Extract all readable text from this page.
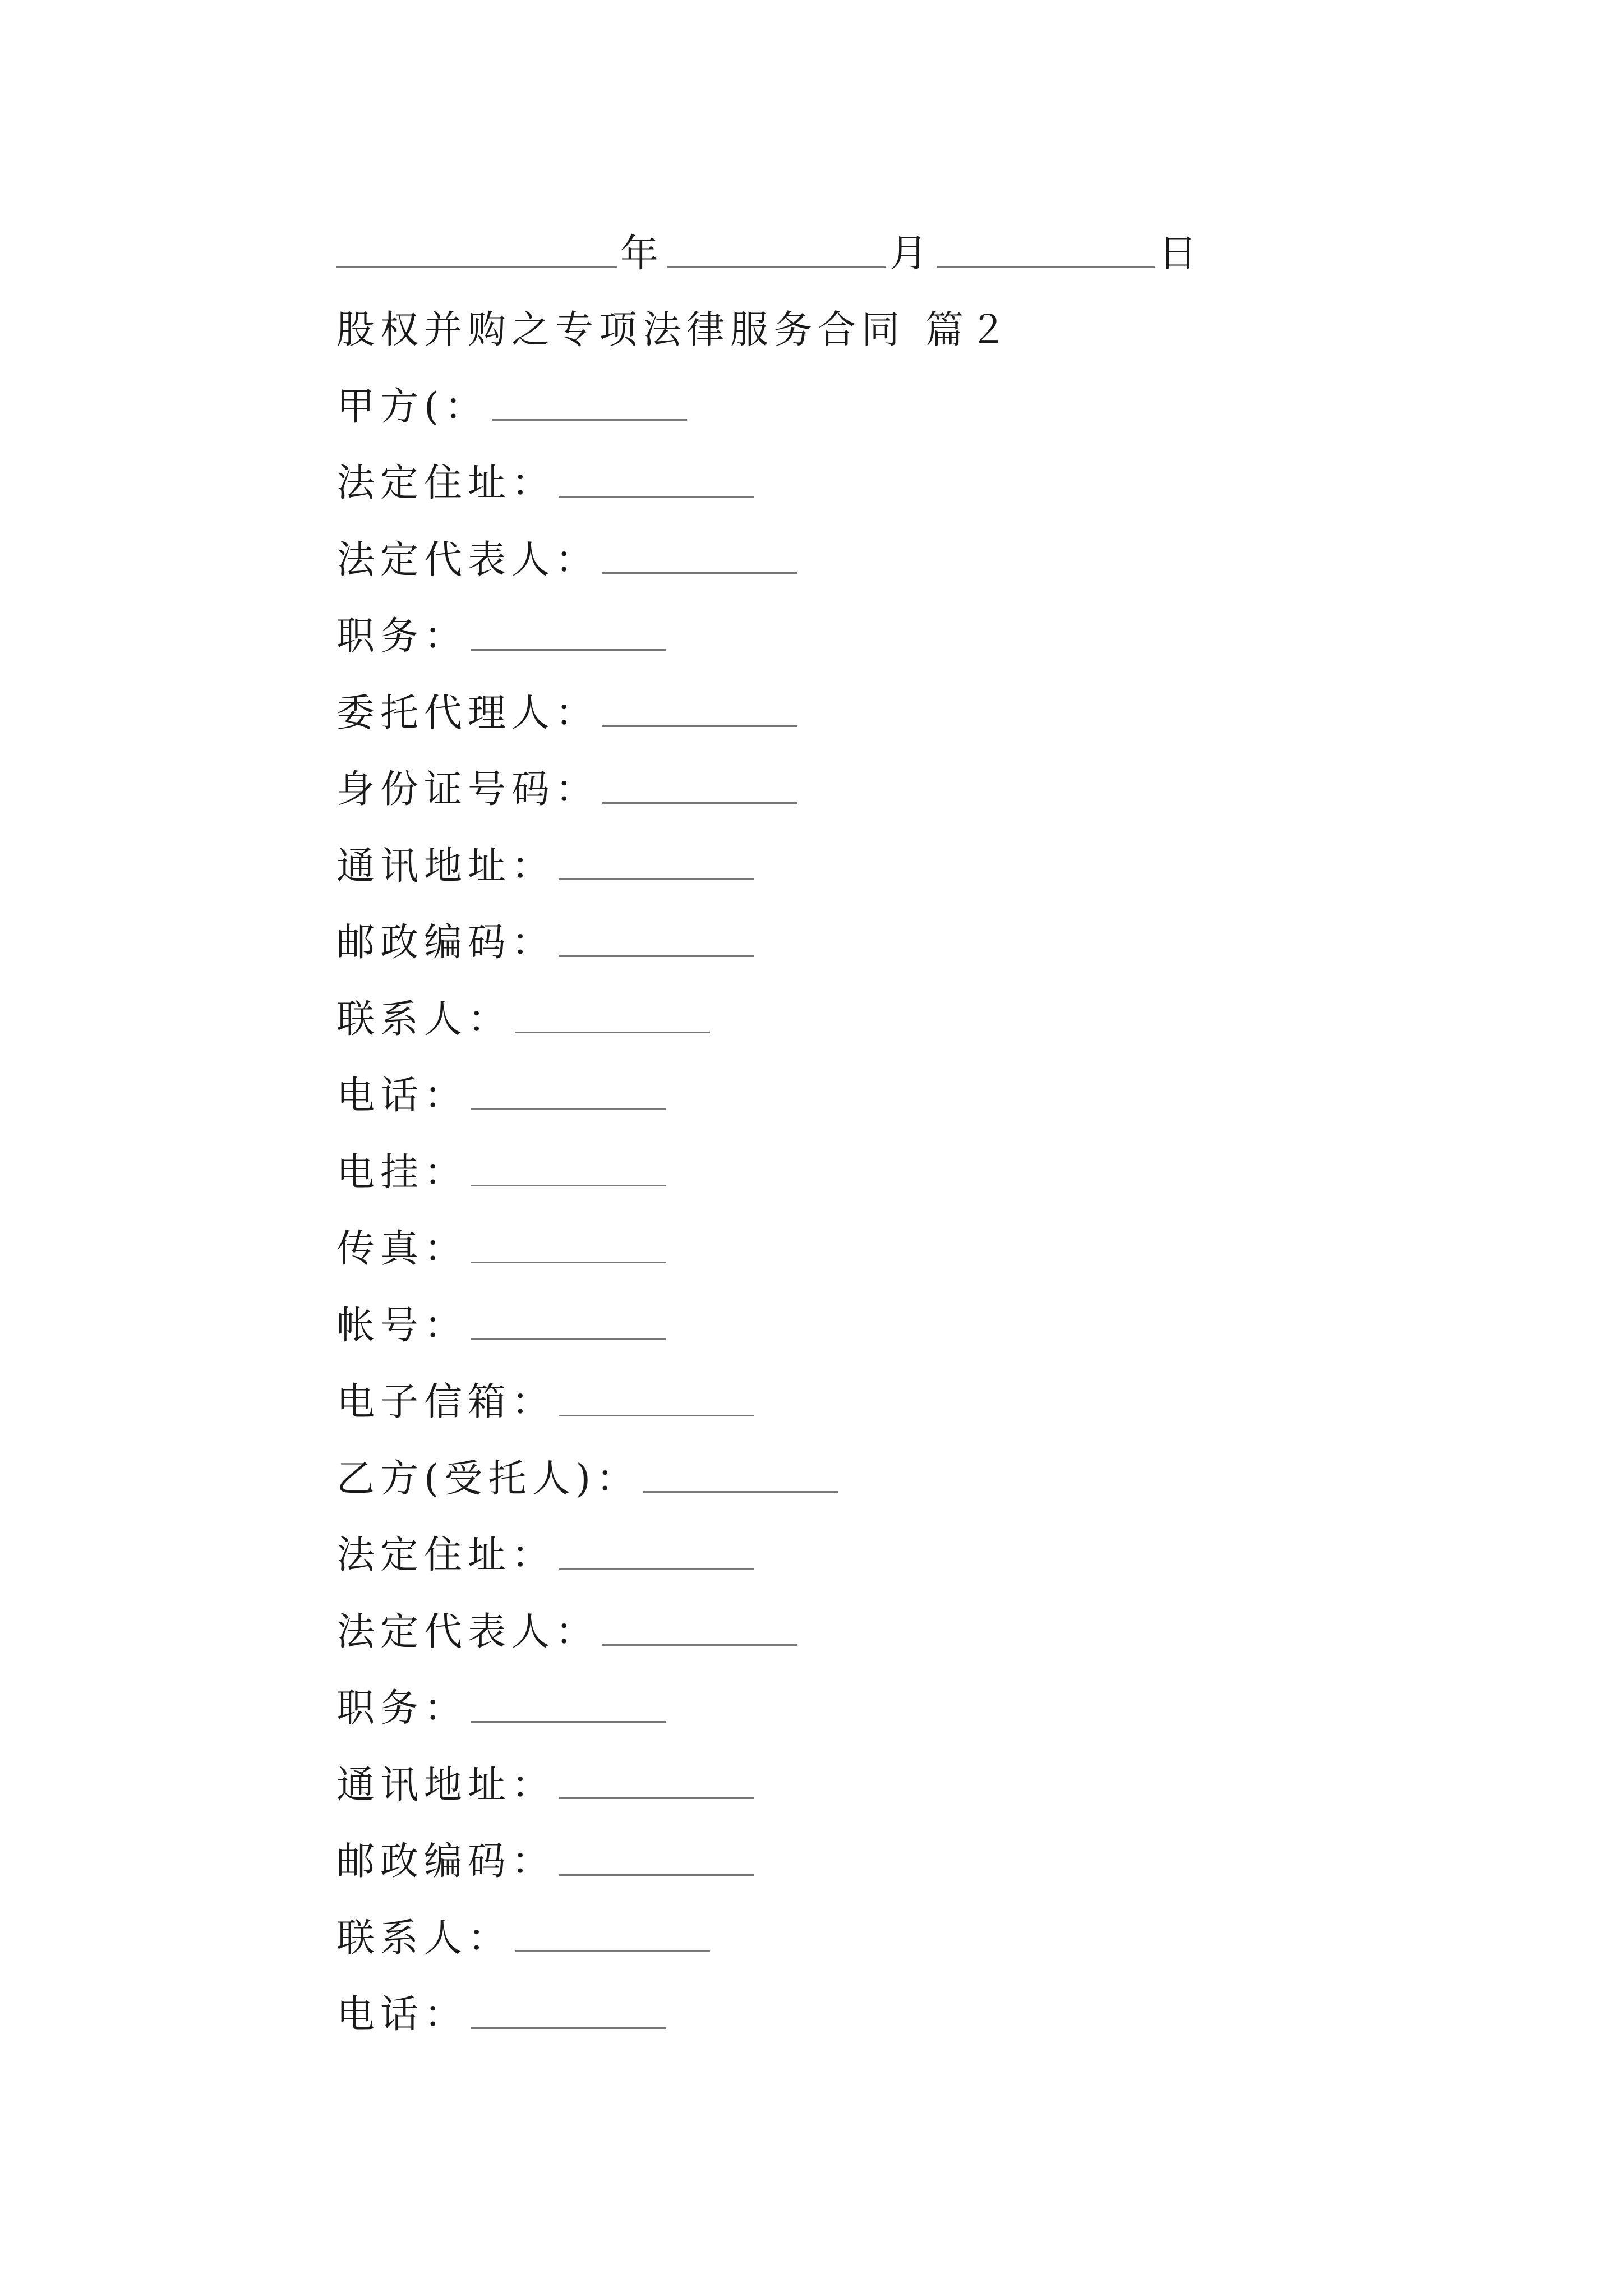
年	月	日
股权并购之专项法律服务合同 篇２
甲方(：
法定住址：
法定代表人：
职务：
委托代理人：
身份证号码：
通讯地址：
邮政编码：
联系人：
电话：
电挂：
传真：
帐号：
电子信箱：
乙方(受托人)：
法定住址：
法定代表人：
职务：
通讯地址：
邮政编码：
联系人：
电话：
